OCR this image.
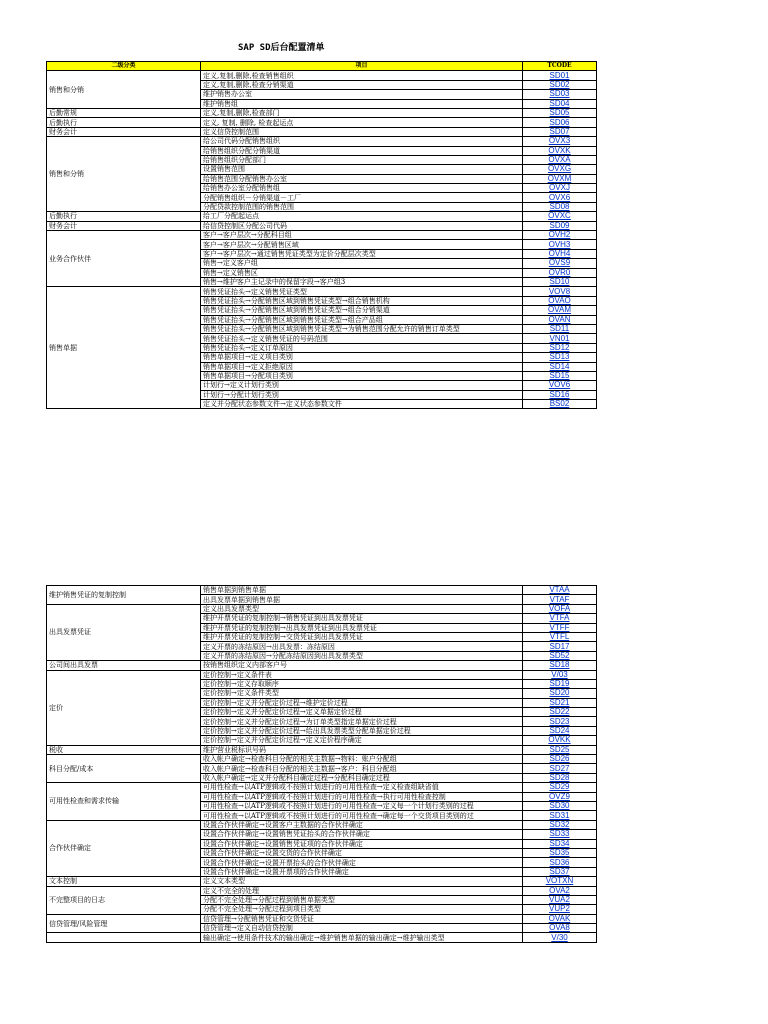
SAP SD后台配置清单
二级分类	项目	TCODE
销售和分销	定义,复制,删除,检查销售组织	SD01
	定义,复制,删除,检查分销渠道	SD02
	维护销售办公室	SD03
	维护销售组	SD04
后勤常规	定义,复制,删除,检查部门	SD05
后勤执行	定义, 复制, 删除, 检查起运点	SD06
财务会计	定义信贷控制范围	SD07
销售和分销	给公司代码分配销售组织	OVX3
	给销售组织分配分销渠道	OVXK
	给销售组织分配部门	OVXA
	设置销售范围	OVXG
	给销售范围分配销售办公室	OVXM
	给销售办公室分配销售组	OVXJ
	分配销售组织－分销渠道－工厂	OVX6
	分配贷款控制范围的销售范围	SD08
后勤执行	给工厂分配起运点	OVXC
财务会计	给信贷控制区分配公司代码	SD09
业务合作伙伴	客户→客户层次→分配科目组	OVH2
	客户→客户层次→分配销售区域	OVH3
	客户→客户层次→通过销售凭证类型为定价分配层次类型	OVH4
	销售→定义客户组	OVS9
	销售→定义销售区	OVR0
	销售→维护客户主记录中的保留字段→客户组3	SD10
销售单据	销售凭证抬头→定义销售凭证类型	VOV8
	销售凭证抬头→分配销售区域到销售凭证类型→组合销售机构	OVAO
	销售凭证抬头→分配销售区域到销售凭证类型→组合分销渠道	OVAM
	销售凭证抬头→分配销售区域到销售凭证类型→组合产品组	OVAN
	销售凭证抬头→分配销售区域到销售凭证类型→为销售范围分配允许的销售订单类型	SD11
	销售凭证抬头→定义销售凭证的号码范围	VN01
	销售凭证抬头→定义订单原因	SD12
	销售单据项目→定义项目类别	SD13
	销售单据项目→定义拒绝原因	SD14
	销售单据项目→分配项目类别	SD15
	计划行→定义计划行类别	VOV6
	计划行→分配计划行类别	SD16
	定义并分配状态参数文件→定义状态参数文件	BS02
维护销售凭证的复制控制	销售单据到销售单据	VTAA
	出具发票单据到销售单据	VTAF
出具发票凭证	定义出具发票类型	VOFA
	维护开票凭证的复制控制→销售凭证到出具发票凭证	VTFA
	维护开票凭证的复制控制→出具发票凭证到出具发票凭证	VTFF
	维护开票凭证的复制控制→交货凭证到出具发票凭证	VTFL
	定义开票的冻结原因→出具发票：冻结原因	SD17
	定义开票的冻结原因→分配冻结原因到出具发票类型	SD52
公司间出具发票	按销售组织定义内部客户号	SD18
定价	定价控制→定义条件表	V/03
	定价控制→定义存取顺序	SD19
	定价控制→定义条件类型	SD20
	定价控制→定义并分配定价过程→维护定价过程	SD21
	定价控制→定义并分配定价过程→定义单据定价过程	SD22
	定价控制→定义并分配定价过程→为订单类型指定单据定价过程	SD23
	定价控制→定义并分配定价过程→给出具发票类型分配单据定价过程	SD24
	定价控制→定义并分配定价过程→定义定价程序确定	OVKK
税收	维护营业税标识号码	SD25
科目分配/成本	收入帐户确定→检查科目分配的相关主数据→物料：账户分配组	SD26
	收入帐户确定→检查科目分配的相关主数据→客户：科目分配组	SD27
	收入帐户确定→定义并分配科目确定过程→分配科目确定过程	SD28
可用性检查和需求传输	可用性检查→以ATP逻辑或不按照计划进行的可用性检查→定义检查组缺省值	SD29
	可用性检查→以ATP逻辑或不按照计划进行的可用性检查→执行可用性检查控制	OVZ9
	可用性检查→以ATP逻辑或不按照计划进行的可用性检查→定义每一个计划行类别的过程	SD30
	可用性检查→以ATP逻辑或不按照计划进行的可用性检查→确定每一个交货项目类别的过	SD31
合作伙伴确定	设置合作伙伴确定→设置客户主数据的合作伙伴确定	SD32
	设置合作伙伴确定→设置销售凭证抬头的合作伙伴确定	SD33
	设置合作伙伴确定→设置销售凭证项的合作伙伴确定	SD34
	设置合作伙伴确定→设置交货的合作伙伴确定	SD35
	设置合作伙伴确定→设置开票抬头的合作伙伴确定	SD36
	设置合作伙伴确定→设置开票项的合作伙伴确定	SD37
文本控制	定义文本类型	VOTXN
不完整项目的日志	定义不完全的处理	OVA2
	分配不完全处理→分配过程到销售单据类型	VUA2
	分配不完全处理→分配过程到项目类型	VUP2
信贷管理/风险管理	信贷管理→分配销售凭证和交货凭证	OVAK
	信贷管理→定义自动信贷控制	OVA8
	输出确定→使用条件技术的输出确定→维护销售单据的输出确定→维护输出类型	V/30
